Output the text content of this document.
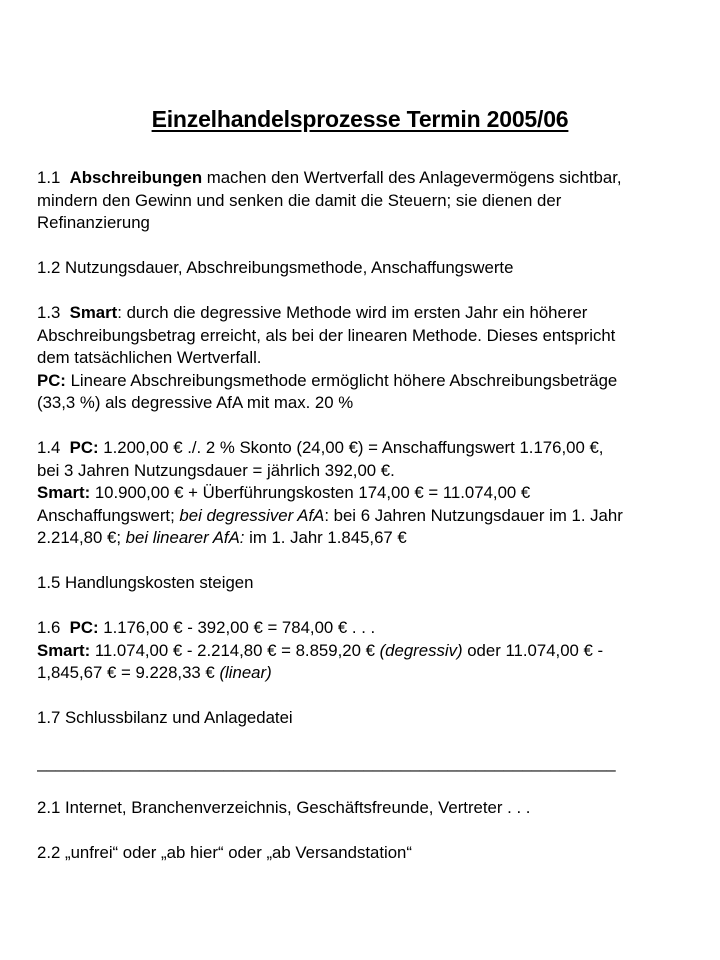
Einzelhandelsprozesse Termin 2005/06
1.1 Abschreibungen machen den Wertverfall des Anlagevermögens sichtbar,
mindern den Gewinn und senken die damit die Steuern; sie dienen der
Refinanzierung
1.2 Nutzungsdauer, Abschreibungsmethode, Anschaffungswerte
1.3 Smart: durch die degressive Methode wird im ersten Jahr ein höherer
Abschreibungsbetrag erreicht, als bei der linearen Methode. Dieses entspricht
dem tatsächlichen Wertverfall.
PC: Lineare Abschreibungsmethode ermöglicht höhere Abschreibungsbeträge
(33,3 %) als degressive AfA mit max. 20 %
1.4 PC: 1.200,00 € ./. 2 % Skonto (24,00 €) = Anschaffungswert 1.176,00 €,
bei 3 Jahren Nutzungsdauer = jährlich 392,00 €.
Smart: 10.900,00 € + Überführungskosten 174,00 € = 11.074,00 €
Anschaffungswert; bei degressiver AfA: bei 6 Jahren Nutzungsdauer im 1. Jahr
2.214,80 €; bei linearer AfA: im 1. Jahr 1.845,67 €
1.5 Handlungskosten steigen
1.6 PC: 1.176,00 € - 392,00 € = 784,00 € . . .
Smart: 11.074,00 € - 2.214,80 € = 8.859,20 € (degressiv) oder 11.074,00 € -
1,845,67 € = 9.228,33 € (linear)
1.7 Schlussbilanz und Anlagedatei
______________________________________________________________
2.1 Internet, Branchenverzeichnis, Geschäftsfreunde, Vertreter . . .
2.2 „unfrei“ oder „ab hier“ oder „ab Versandstation“
